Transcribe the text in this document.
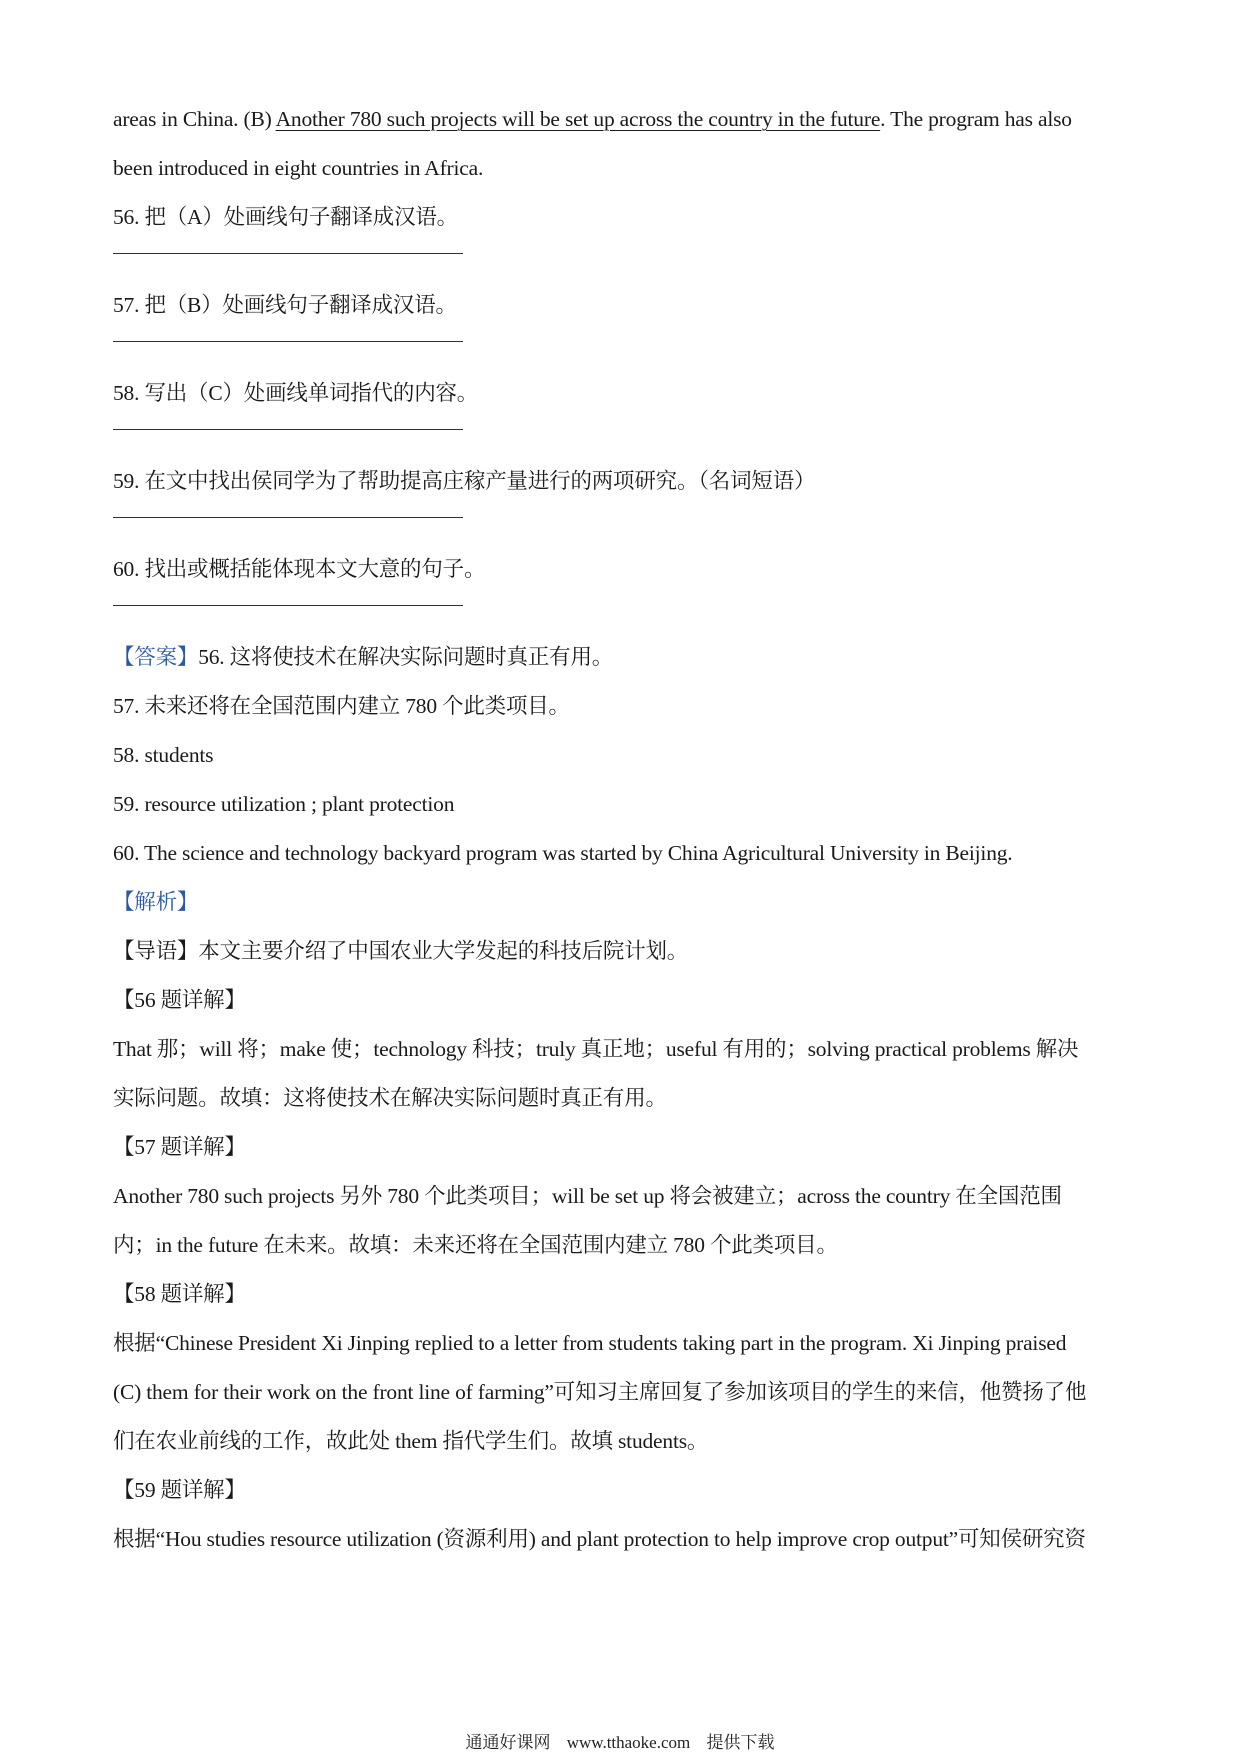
areas in China. (B) Another 780 such projects will be set up across the country in the future. The program has also
been introduced in eight countries in Africa.
56. 把（A）处画线句子翻译成汉语。
57. 把（B）处画线句子翻译成汉语。
58. 写出（C）处画线单词指代的内容。
59. 在文中找出侯同学为了帮助提高庄稼产量进行的两项研究。（名词短语）
60. 找出或概括能体现本文大意的句子。
【答案】56. 这将使技术在解决实际问题时真正有用。
57. 未来还将在全国范围内建立 780 个此类项目。
58. students
59. resource utilization ; plant protection
60. The science and technology backyard program was started by China Agricultural University in Beijing.
【解析】
【导语】本文主要介绍了中国农业大学发起的科技后院计划。
【56 题详解】
That 那；will 将；make 使；technology 科技；truly 真正地；useful 有用的；solving practical problems 解决
实际问题。故填：这将使技术在解决实际问题时真正有用。
【57 题详解】
Another 780 such projects 另外 780 个此类项目；will be set up 将会被建立；across the country 在全国范围
内；in the future 在未来。故填：未来还将在全国范围内建立 780 个此类项目。
【58 题详解】
根据“Chinese President Xi Jinping replied to a letter from students taking part in the program. Xi Jinping praised
(C) them for their work on the front line of farming”可知习主席回复了参加该项目的学生的来信，他赞扬了他
们在农业前线的工作，故此处 them 指代学生们。故填 students。
【59 题详解】
根据“Hou studies resource utilization (资源利用) and plant protection to help improve crop output”可知侯研究资
通通好课网 www.tthaoke.com 提供下载
